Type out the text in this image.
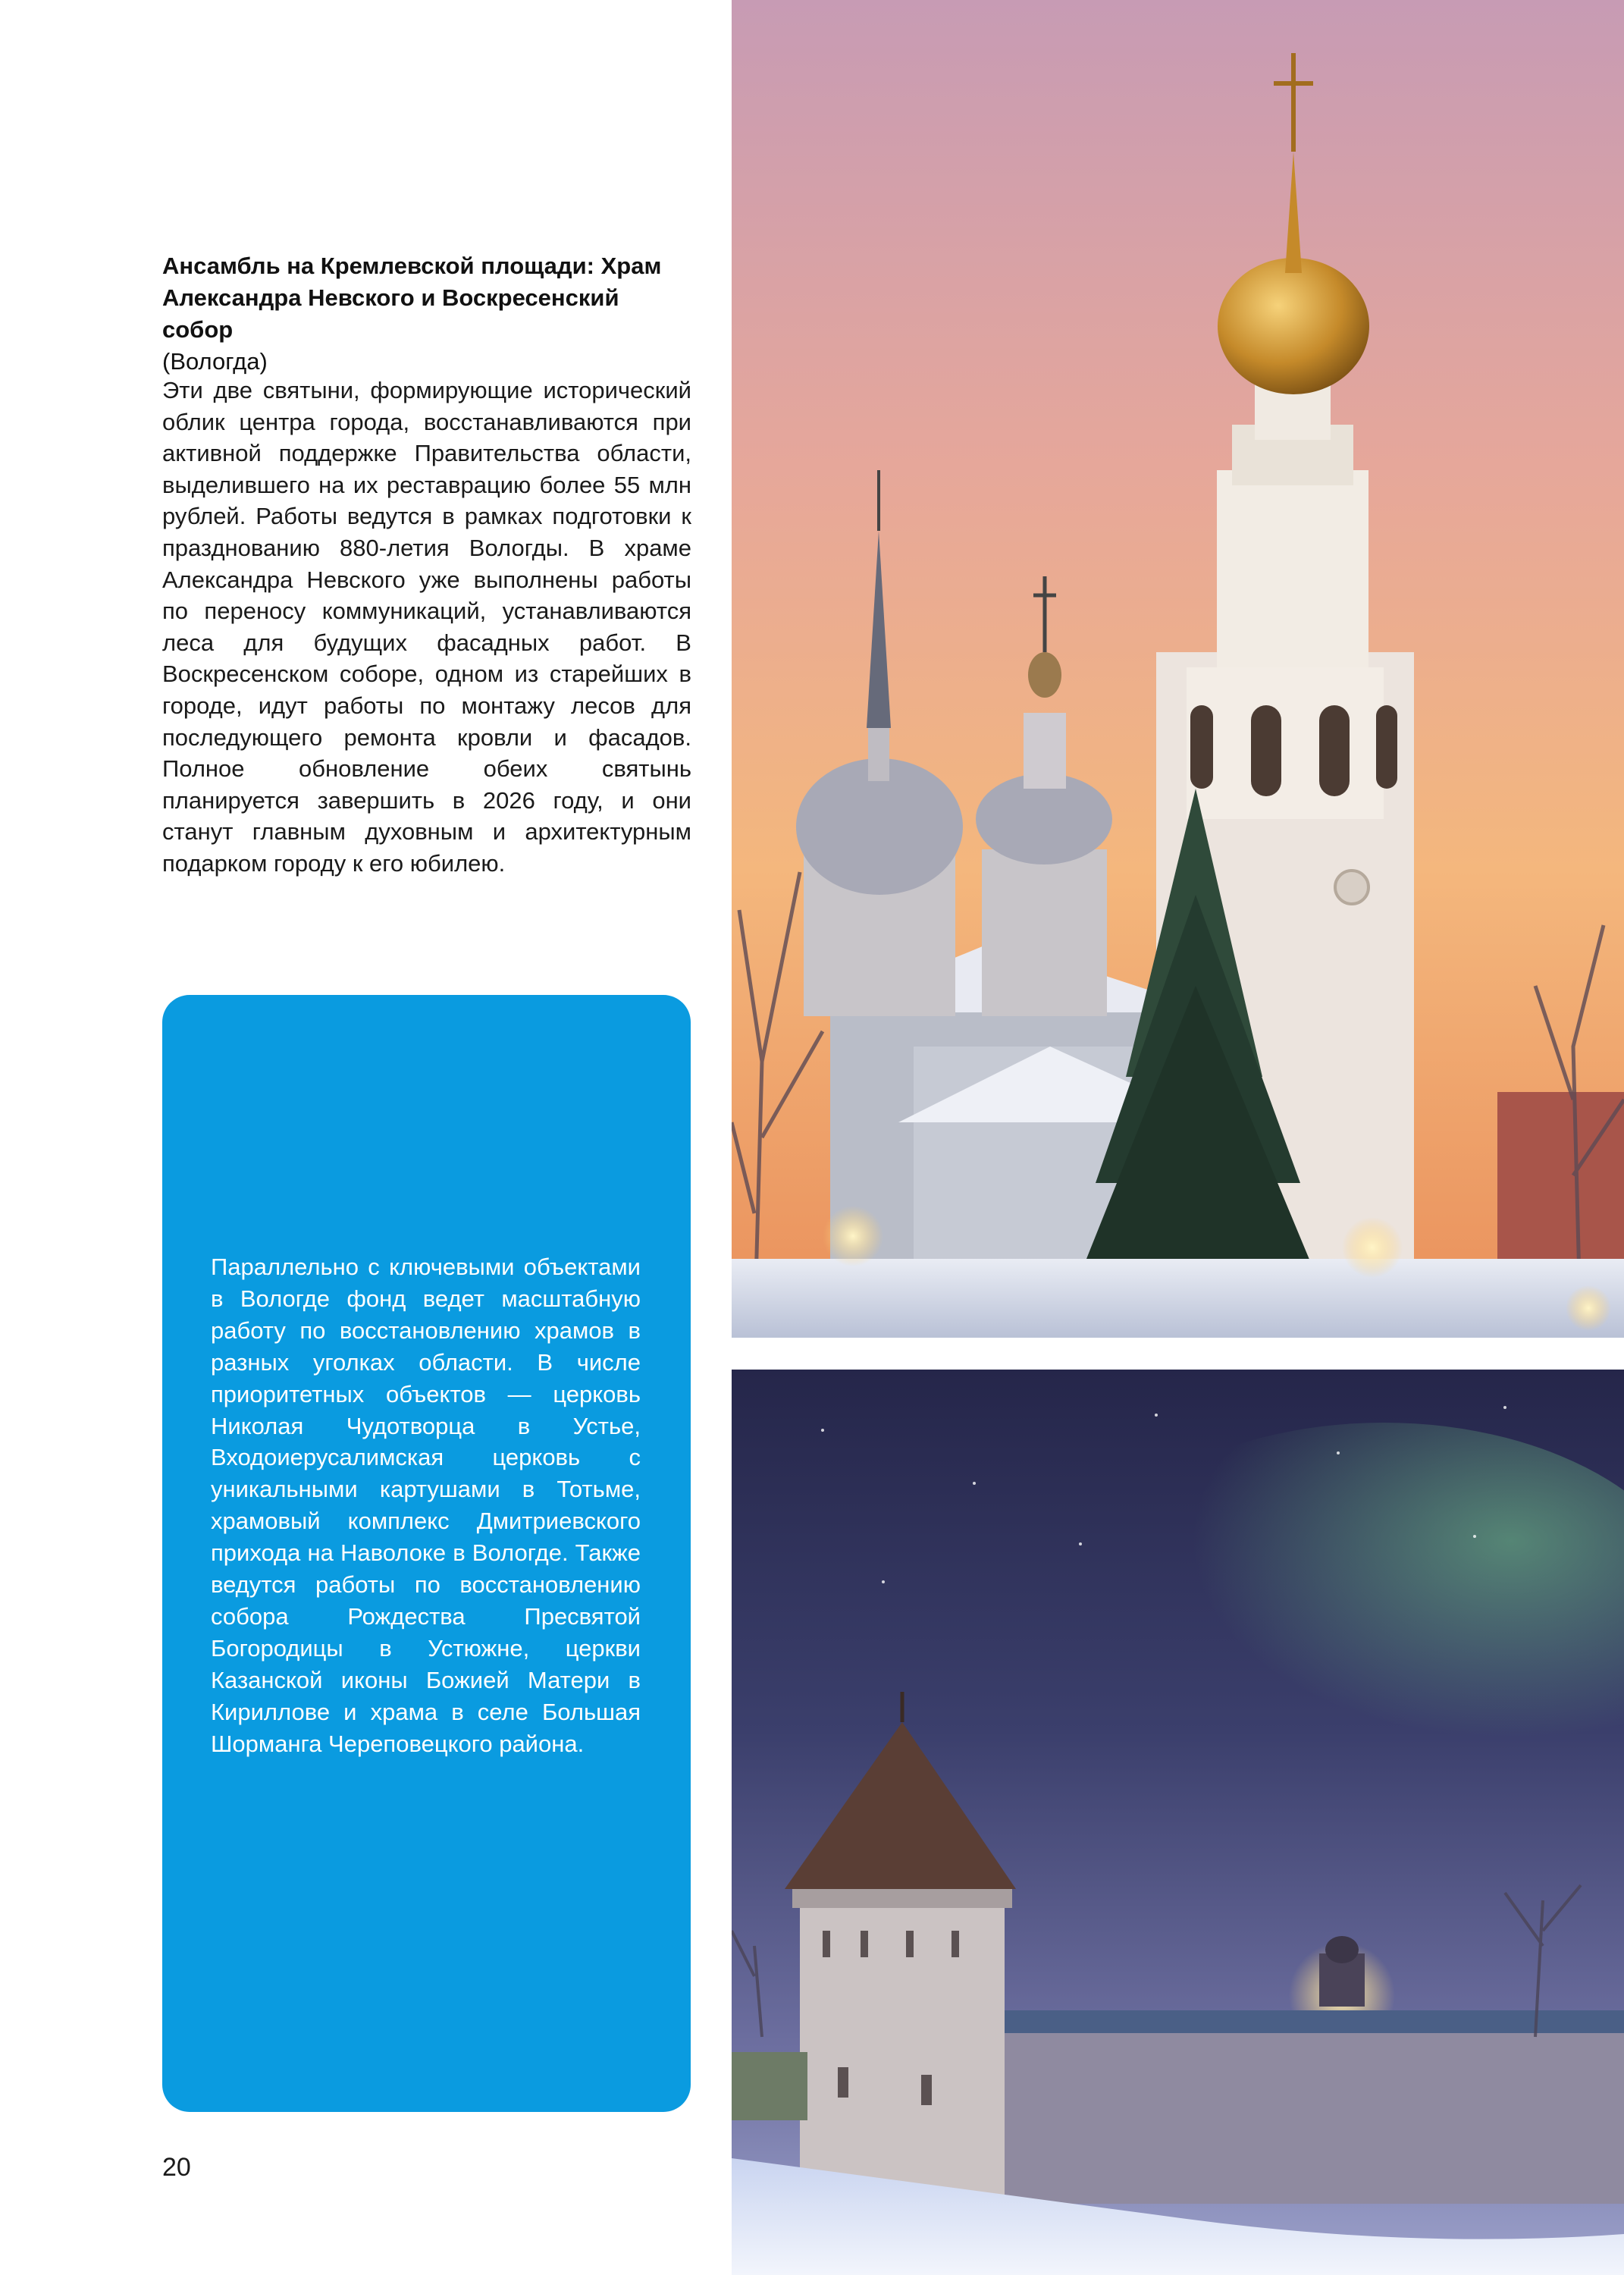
Ансамбль на Кремлевской площади: Храм Александра Невского и Воскресенский собор
(Вологда)
Эти две святыни, формирующие исторический облик центра города, восстанавливаются при активной поддержке Правительства области, выделившего на их реставрацию более 55 млн рублей. Работы ведутся в рамках подготовки к празднованию 880-летия Вологды. В храме Александра Невского уже выполнены работы по переносу коммуникаций, устанавливаются леса для будущих фасадных работ. В Воскресенском соборе, одном из старейших в городе, идут работы по монтажу лесов для последующего ремонта кровли и фасадов. Полное обновление обеих святынь планируется завершить в 2026 году, и они станут главным духовным и архитектурным подарком городу к его юбилею.
Параллельно с ключевыми объектами в Вологде фонд ведет масштабную работу по восстановлению храмов в разных уголках области. В числе приоритетных объектов — церковь Николая Чудотворца в Устье, Входоиерусалимская церковь с уникальными картушами в Тотьме, храмовый комплекс Дмитриевского прихода на Наволоке в Вологде. Также ведутся работы по восстановлению собора Рождества Пресвятой Богородицы в Устюжне, церкви Казанской иконы Божией Матери в Кириллове и храма в селе Большая Шорманга Череповецкого района.
20
